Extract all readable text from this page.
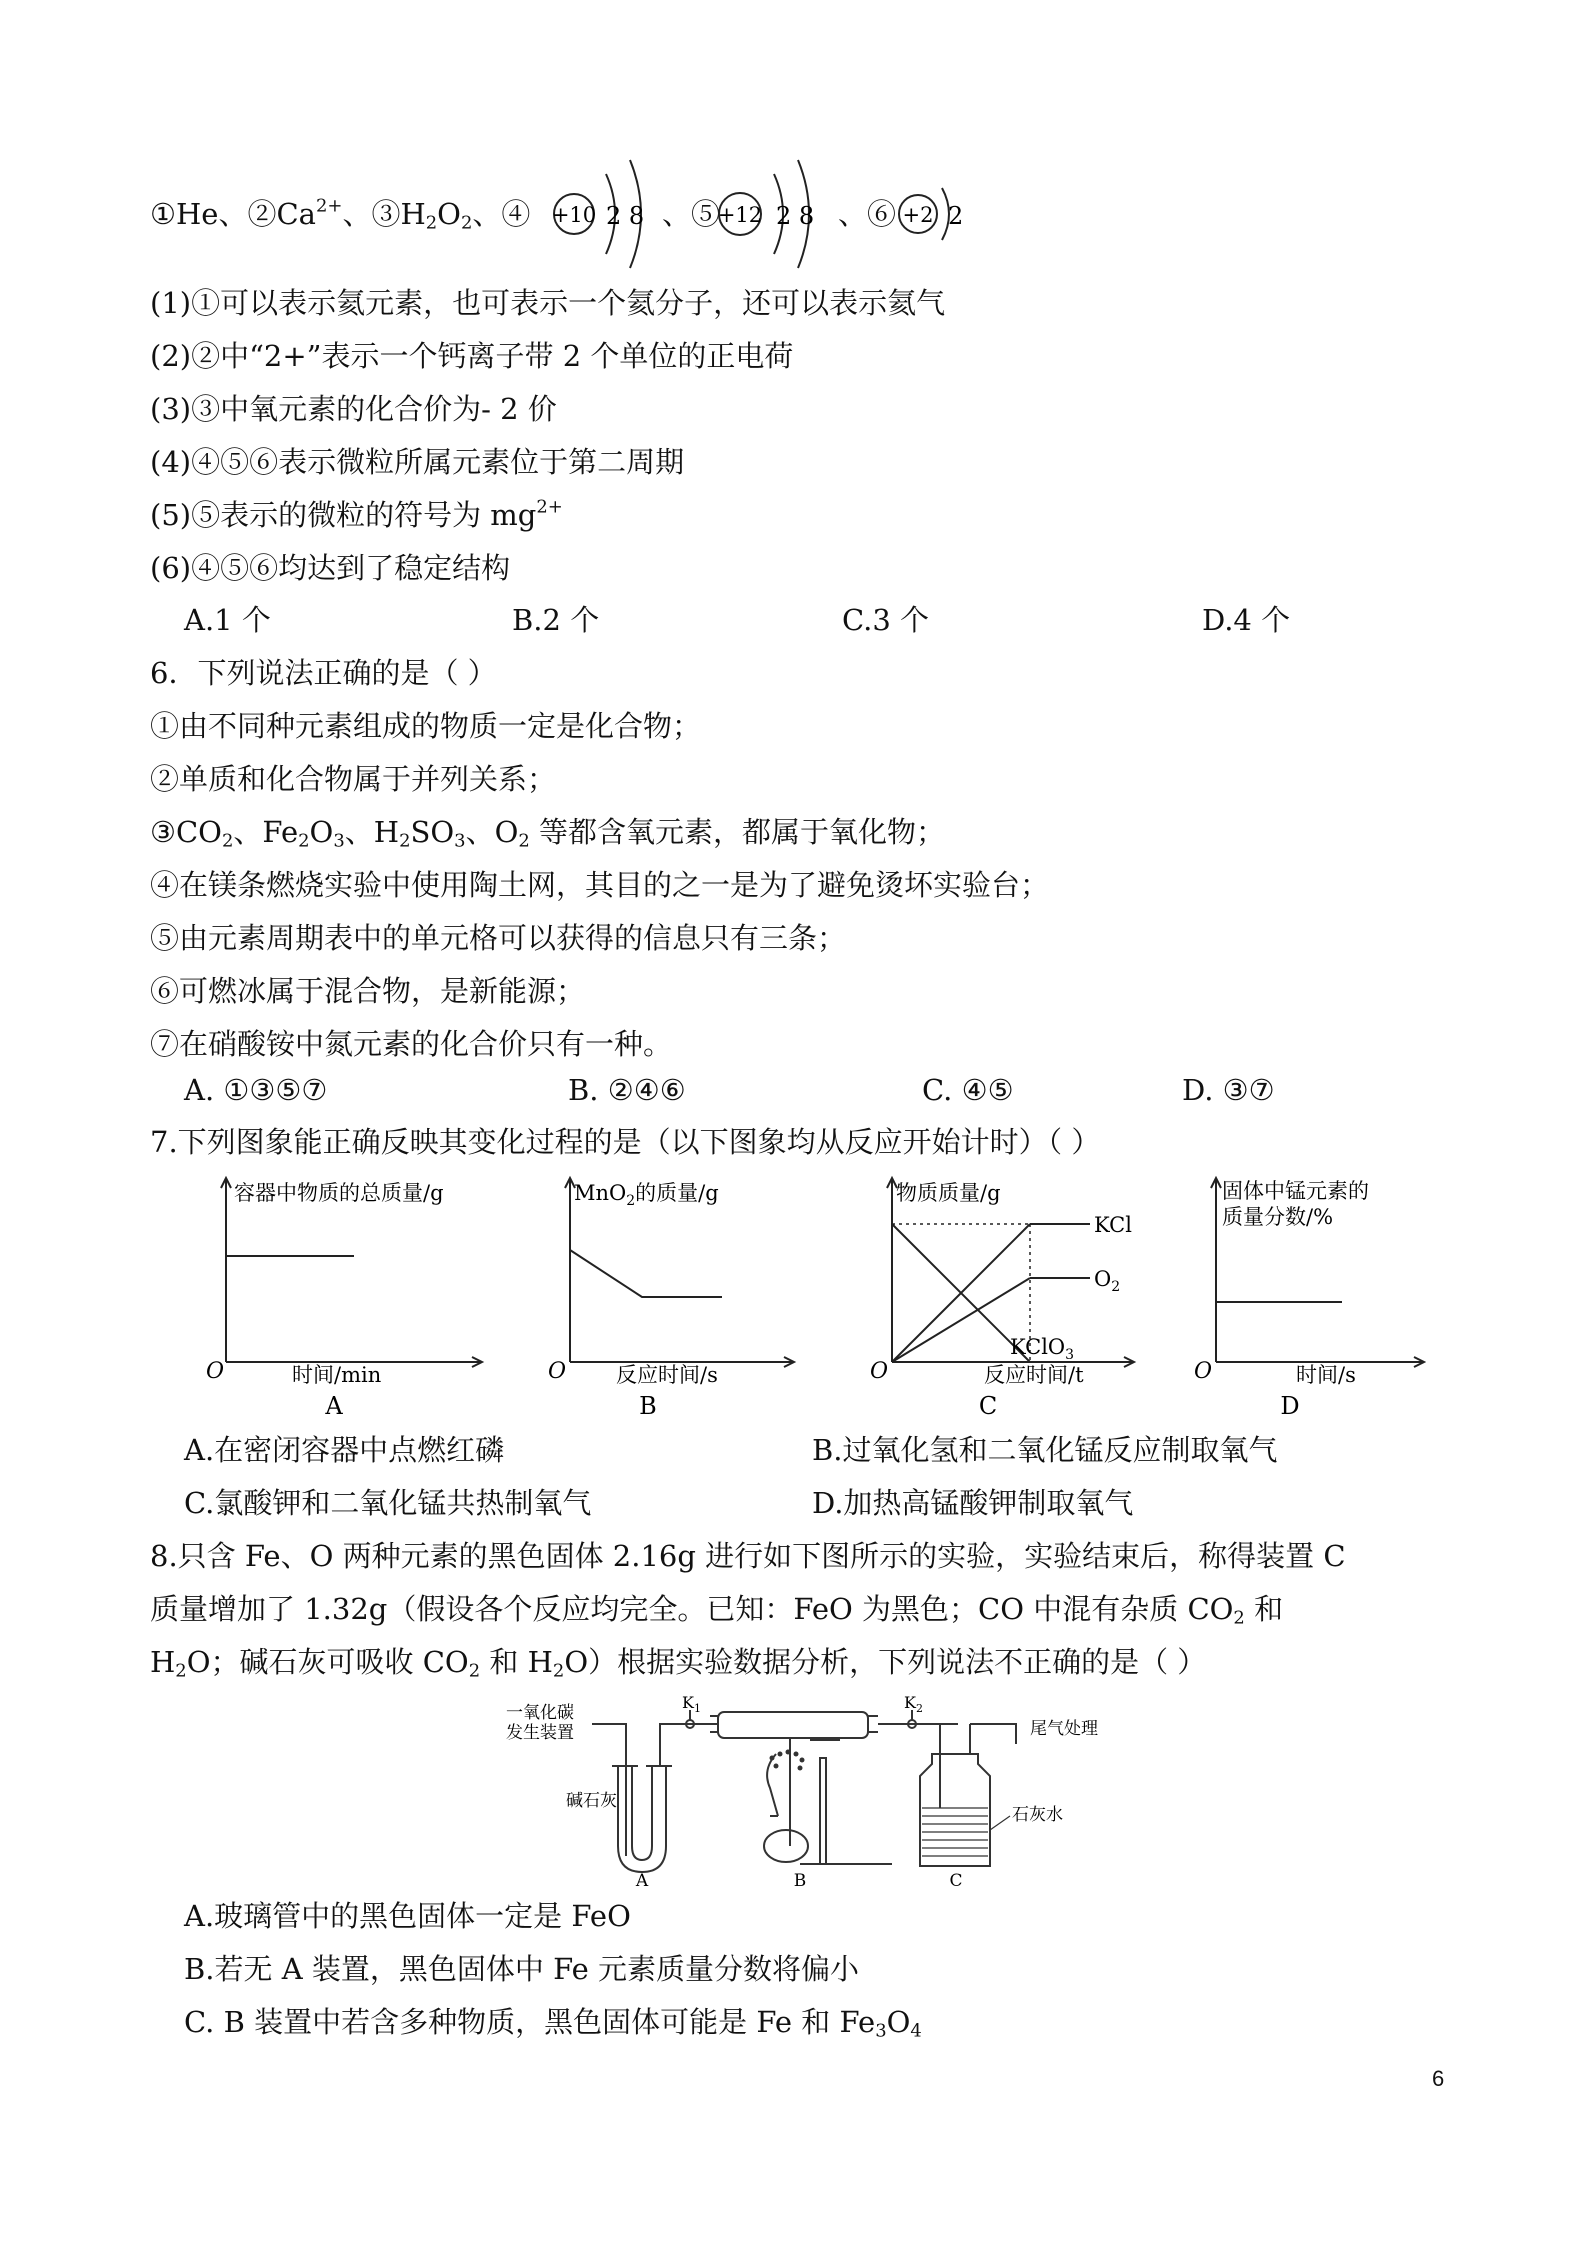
①He、$②Ca^{2+}$、$③H_2O_2$、④ +10 2 8 、⑤
+12 2 8 、⑥ +2 2
(1)①可以表示氦元素，也可表示一个氦分子，还可以表示氦气
(2)②中“2+”表示一个钙离子带 2 个单位的正电荷
(3)③中氧元素的化合价为- 2 价
(4)④⑤⑥表示微粒所属元素位于第二周期
(5)⑤表示的微粒的符号为 $mg^{2+}$
(6)④⑤⑥均达到了稳定结构
A.1 个	B.2 个	C.3 个	D.4 个
6．下列说法正确的是（ ）
①由不同种元素组成的物质一定是化合物；
②单质和化合物属于并列关系；
$③CO_2$、$Fe_2O_3$、$H_2SO_3$、$O_2$ 等都含氧元素，都属于氧化物；
④在镁条燃烧实验中使用陶土网，其目的之一是为了避免烫坏实验台；
⑤由元素周期表中的单元格可以获得的信息只有三条；
⑥可燃冰属于混合物，是新能源；
⑦在硝酸铵中氮元素的化合价只有一种。
A. ①③⑤⑦	B. ②④⑥	C. ④⑤	D. ③⑦
7.下列图象能正确反映其变化过程的是（以下图象均从反应开始计时）（ ）
容器中物质的总质量/g
O	时间/min
A
MnO$_2$的质量/g
O 反应时间/s
B
物质质量/g
KCl
$O_2$
KClO$_3$
O	反应时间/t
C
固体中锰元素的
质量分数/%
O	时间/s
D
A.在密闭容器中点燃红磷	B.过氧化氢和二氧化锰反应制取氧气
C.氯酸钾和二氧化锰共热制氧气	D.加热高锰酸钾制取氧气
8.只含 Fe、O 两种元素的黑色固体 2.16g 进行如下图所示的实验，实验结束后，称得装置 C
质量增加了 1.32g（假设各个反应均完全。已知：FeO 为黑色；CO 中混有杂质 $CO_2$ 和
$H_2O$；碱石灰可吸收 $CO_2$ 和 $H_2O$）根据实验数据分析，下列说法不正确的是（ ）
一氧化碳
发生装置
碱石灰
$K_1$	$K_2$
尾气处理
石灰水
A	B	C
A.玻璃管中的黑色固体一定是 FeO
B.若无 A 装置，黑色固体中 Fe 元素质量分数将偏小
C. B 装置中若含多种物质，黑色固体可能是 Fe 和 $Fe_3O_4$
6
